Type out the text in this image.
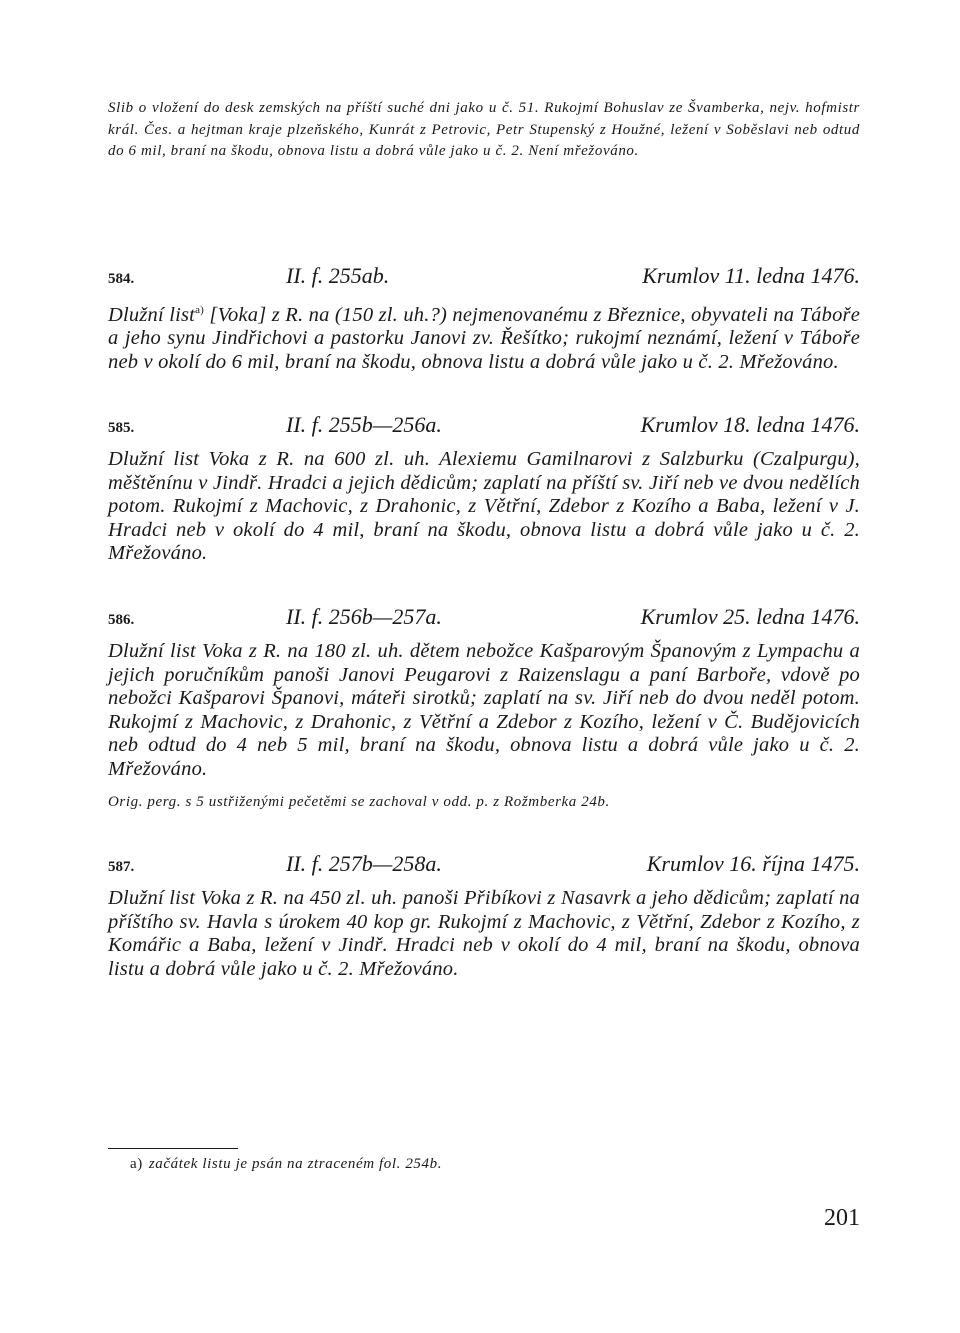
Slib o vložení do desk zemských na příští suché dni jako u č. 51. Rukojmí Bohuslav ze Švamberka, nejv. hofmistr král. Čes. a hejtman kraje plzeňského, Kunrát z Petrovic, Petr Stupenský z Houžné, ležení v Soběslavi neb odtud do 6 mil, braní na škodu, obnova listu a dobrá vůle jako u č. 2. Není mřežováno.

584.	II. f. 255ab.	Krumlov 11. ledna 1476.

Dlužní list$^{a)}$ [Voka] z R. na (150 zl. uh.?) nejmenovanému z Březnice, obyvateli na Táboře a jeho synu Jindřichovi a pastorku Janovi zv. Řešítko; rukojmí neznámí, ležení v Táboře neb v okolí do 6 mil, braní na škodu, obnova listu a dobrá vůle jako u č. 2. Mřežováno.

585.	II. f. 255b—256a.	Krumlov 18. ledna 1476.

Dlužní list Voka z R. na 600 zl. uh. Alexiemu Gamilnarovi z Salzburku (Czalpurgu), měštěnínu v Jindř. Hradci a jejich dědicům; zaplatí na příští sv. Jiří neb ve dvou nedělích potom. Rukojmí z Machovic, z Drahonic, z Větřní, Zdebor z Kozího a Baba, ležení v J. Hradci neb v okolí do 4 mil, braní na škodu, obnova listu a dobrá vůle jako u č. 2. Mřežováno.

586.	II. f. 256b—257a.	Krumlov 25. ledna 1476.

Dlužní list Voka z R. na 180 zl. uh. dětem nebožce Kašparovým Španovým z Lympachu a jejich poručníkům panoši Janovi Peugarovi z Raizenslagu a paní Barboře, vdově po nebožci Kašparovi Španovi, máteři sirotků; zaplatí na sv. Jiří neb do dvou neděl potom. Rukojmí z Machovic, z Drahonic, z Větřní a Zdebor z Kozího, ležení v Č. Budějovicích neb odtud do 4 neb 5 mil, braní na škodu, obnova listu a dobrá vůle jako u č. 2. Mřežováno.

Orig. perg. s 5 ustřiženými pečetěmi se zachoval v odd. p. z Rožmberka 24b.

587.	II. f. 257b—258a.	Krumlov 16. října 1475.

Dlužní list Voka z R. na 450 zl. uh. panoši Přibíkovi z Nasavrk a jeho dědicům; zaplatí na příštího sv. Havla s úrokem 40 kop gr. Rukojmí z Machovic, z Větřní, Zdebor z Kozího, z Komářic a Baba, ležení v Jindř. Hradci neb v okolí do 4 mil, braní na škodu, obnova listu a dobrá vůle jako u č. 2. Mřežováno.

a) začátek listu je psán na ztraceném fol. 254b.
201
